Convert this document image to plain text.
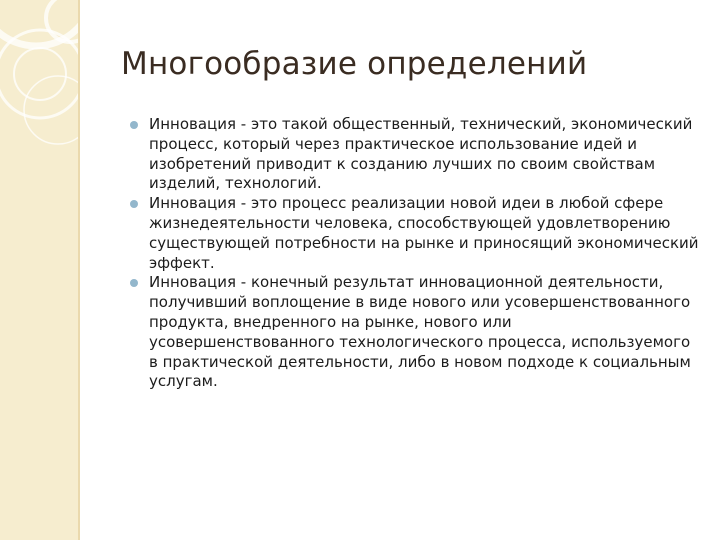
Многообразие определений
Инновация - это такой общественный, технический, экономический процесс, который через практическое использование идей и изобретений приводит к созданию лучших по своим свойствам изделий, технологий.
Инновация - это процесс реализации новой идеи в любой сфере жизнедеятельности человека, способствующей удовлетворению существующей потребности на рынке и приносящий экономический эффект.
Инновация - конечный результат инновационной деятельности, получивший воплощение в виде нового или усовершенствованного продукта, внедренного на рынке, нового или усовершенствованного технологического процесса, используемого в практической деятельности, либо в новом подходе к социальным услугам.
